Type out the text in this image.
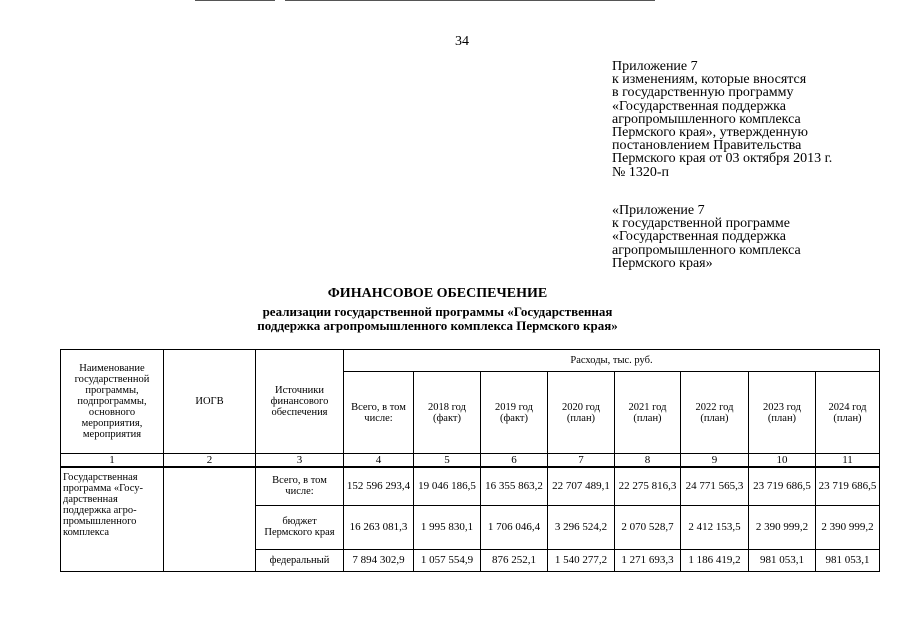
34
Приложение 7
к изменениям, которые вносятся
в государственную программу
«Государственная поддержка
агропромышленного комплекса
Пермского края», утвержденную
постановлением Правительства
Пермского края от 03 октября 2013 г.
№ 1320-п
«Приложение 7
к государственной программе
«Государственная поддержка
агропромышленного комплекса
Пермского края»
ФИНАНСОВОЕ ОБЕСПЕЧЕНИЕ
реализации государственной программы «Государственная
поддержка агропромышленного комплекса Пермского края»
Наименование государственной программы, подпрограммы, основного мероприятия, мероприятия	ИОГВ	Источники финансового обеспечения	Расходы, тыс. руб.							
			Всего, в том числе:	2018 год (факт)	2019 год (факт)	2020 год (план)	2021 год (план)	2022 год (план)	2023 год (план)	2024 год (план)
1	2	3	4	5	6	7	8	9	10	11
Государственная программа «Госу-дарственная поддержка агро-промышленного комплекса		Всего, в том числе:	152 596 293,4	19 046 186,5	16 355 863,2	22 707 489,1	22 275 816,3	24 771 565,3	23 719 686,5	23 719 686,5
		бюджет Пермского края	16 263 081,3	1 995 830,1	1 706 046,4	3 296 524,2	2 070 528,7	2 412 153,5	2 390 999,2	2 390 999,2
		федеральный	7 894 302,9	1 057 554,9	876 252,1	1 540 277,2	1 271 693,3	1 186 419,2	981 053,1	981 053,1
